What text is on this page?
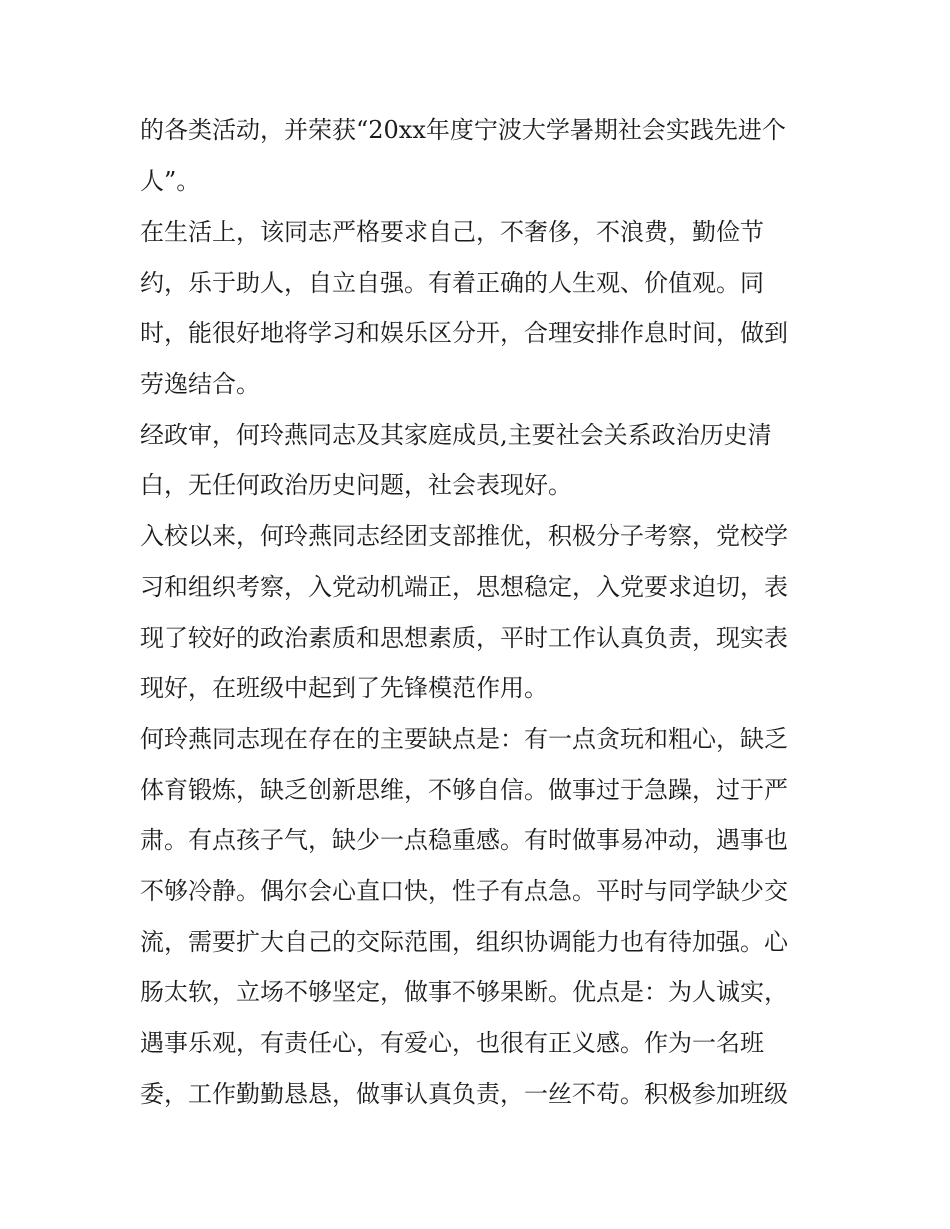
的各类活动，并荣获“20xx年度宁波大学暑期社会实践先进个

人”。

在生活上，该同志严格要求自己，不奢侈，不浪费，勤俭节

约，乐于助人，自立自强。有着正确的人生观、价值观。同

时，能很好地将学习和娱乐区分开，合理安排作息时间，做到

劳逸结合。

经政审，何玲燕同志及其家庭成员,主要社会关系政治历史清

白，无任何政治历史问题，社会表现好。

入校以来，何玲燕同志经团支部推优，积极分子考察，党校学

习和组织考察，入党动机端正，思想稳定，入党要求迫切，表

现了较好的政治素质和思想素质，平时工作认真负责，现实表

现好，在班级中起到了先锋模范作用。

何玲燕同志现在存在的主要缺点是：有一点贪玩和粗心，缺乏

体育锻炼，缺乏创新思维，不够自信。做事过于急躁，过于严

肃。有点孩子气，缺少一点稳重感。有时做事易冲动，遇事也

不够冷静。偶尔会心直口快，性子有点急。平时与同学缺少交

流，需要扩大自己的交际范围，组织协调能力也有待加强。心

肠太软，立场不够坚定，做事不够果断。优点是：为人诚实，

遇事乐观，有责任心，有爱心，也很有正义感。作为一名班

委，工作勤勤恳恳，做事认真负责，一丝不苟。积极参加班级
